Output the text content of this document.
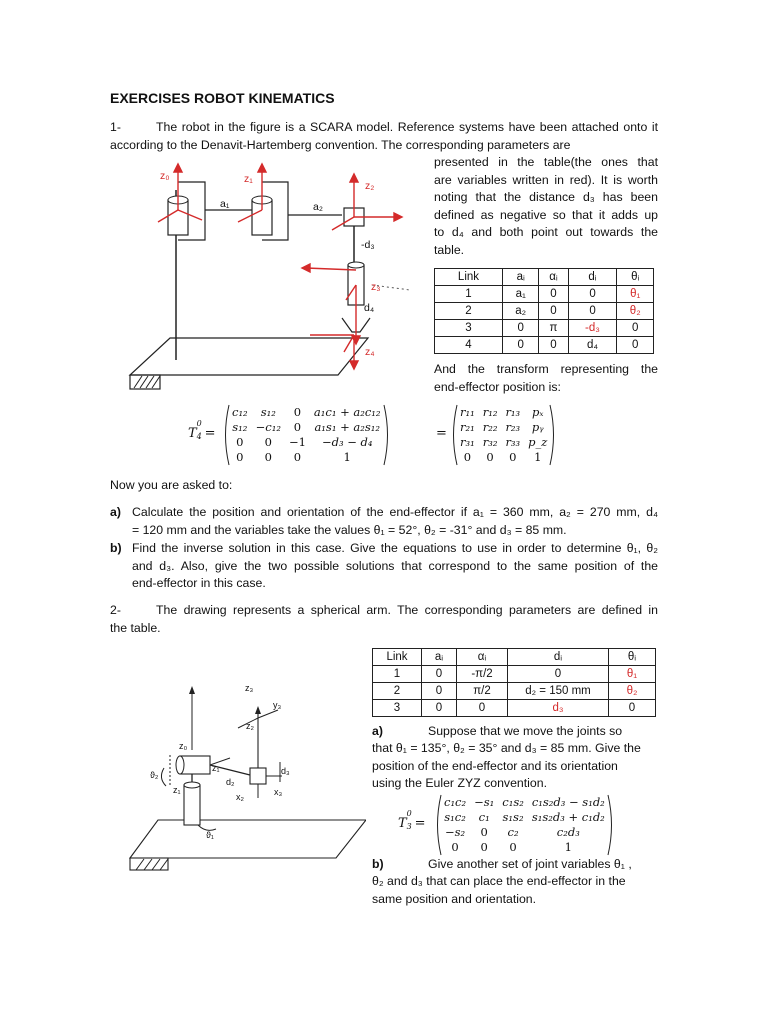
EXERCISES ROBOT KINEMATICS
1-	The robot in the figure is a SCARA model. Reference systems have been attached onto it according to the Denavit-Hartemberg convention. The corresponding parameters are
presented in the table(the ones that
are variables written in red). It is worth
noting that the distance d₃ has been
defined as negative so that it adds up
to d₄ and both point out towards the
table.
z₀	z₁
z₂
z₃
z₄
a₁	a₂
-d₃
d₄
Link	aᵢ	αᵢ	dᵢ	θᵢ
1	a₁	0	0	θ₁
2	a₂	0	0	θ₂
3	0	π	-d₃	0
4	0	0	d₄	0
And the transform representing the
end-effector position is:
T
0
4 =
c₁₂	s₁₂	0	a₁c₁ + a₂c₁₂
s₁₂	−c₁₂	0	a₁s₁ + a₂s₁₂
0	0	−1	−d₃ − d₄
0	0	0	1
=
r₁₁	r₁₂	r₁₃	pₓ
r₂₁	r₂₂	r₂₃	pᵧ
r₃₁	r₃₂	r₃₃	p_z
0	0	0	1
Now you are asked to:
a) Calculate the position and orientation of the end-effector if a₁ = 360 mm, a₂ = 270 mm, d₄
= 120 mm and the variables take the values θ₁ = 52°, θ₂ = -31° and d₃ = 85 mm.
b) Find the inverse solution in this case. Give the equations to use in order to determine θ₁, θ₂
and d₃. Also, give the two possible solutions that correspond to the same position of the
end-effector in this case.
2-	The drawing represents a spherical arm. The corresponding parameters are defined in
the table.
Link	aᵢ	αᵢ	dᵢ	θᵢ
1	0	-π/2	0	θ₁
2	0	π/2	d₂ = 150 mm	θ₂
3	0	0	d₃	0
z₃
y₃
z₂
z₀
z₁	d₃
ϑ₂
d₂
x₃
z₁
x₂
ϑ₁
a)	Suppose that we move the joints so
that θ₁ = 135°, θ₂ = 35° and d₃ = 85 mm. Give the
position of the end-effector and its orientation
using the Euler ZYZ convention.
T
0
3 =
c₁c₂	−s₁	c₁s₂	c₁s₂d₃ − s₁d₂
s₁c₂	c₁	s₁s₂	s₁s₂d₃ + c₁d₂
−s₂	0	c₂	c₂d₃
0	0	0	1
b)	Give another set of joint variables θ₁ ,
θ₂ and d₃ that can place the end-effector in the
same position and orientation.
